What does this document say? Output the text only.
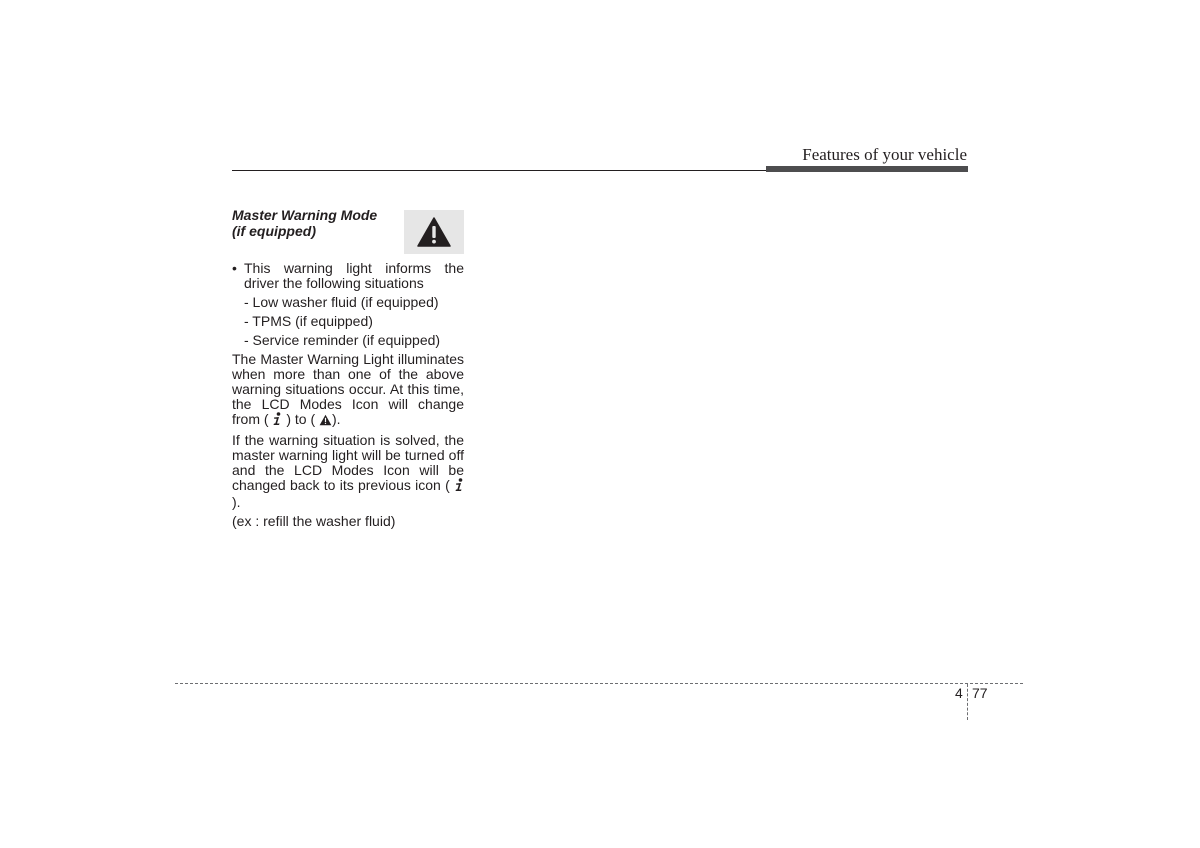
Features of your vehicle
Master Warning Mode
(if equipped)
• This warning light informs the driver the following situations
- Low washer fluid (if equipped)
- TPMS (if equipped)
- Service reminder (if equipped)
The Master Warning Light illuminates when more than one of the above warning situations occur. At this time, the LCD Modes Icon will change from ( ) to ( ).
If the warning situation is solved, the master warning light will be turned off and the LCD Modes Icon will be changed back to its previous icon (  ).
(ex : refill the washer fluid)
4 77
